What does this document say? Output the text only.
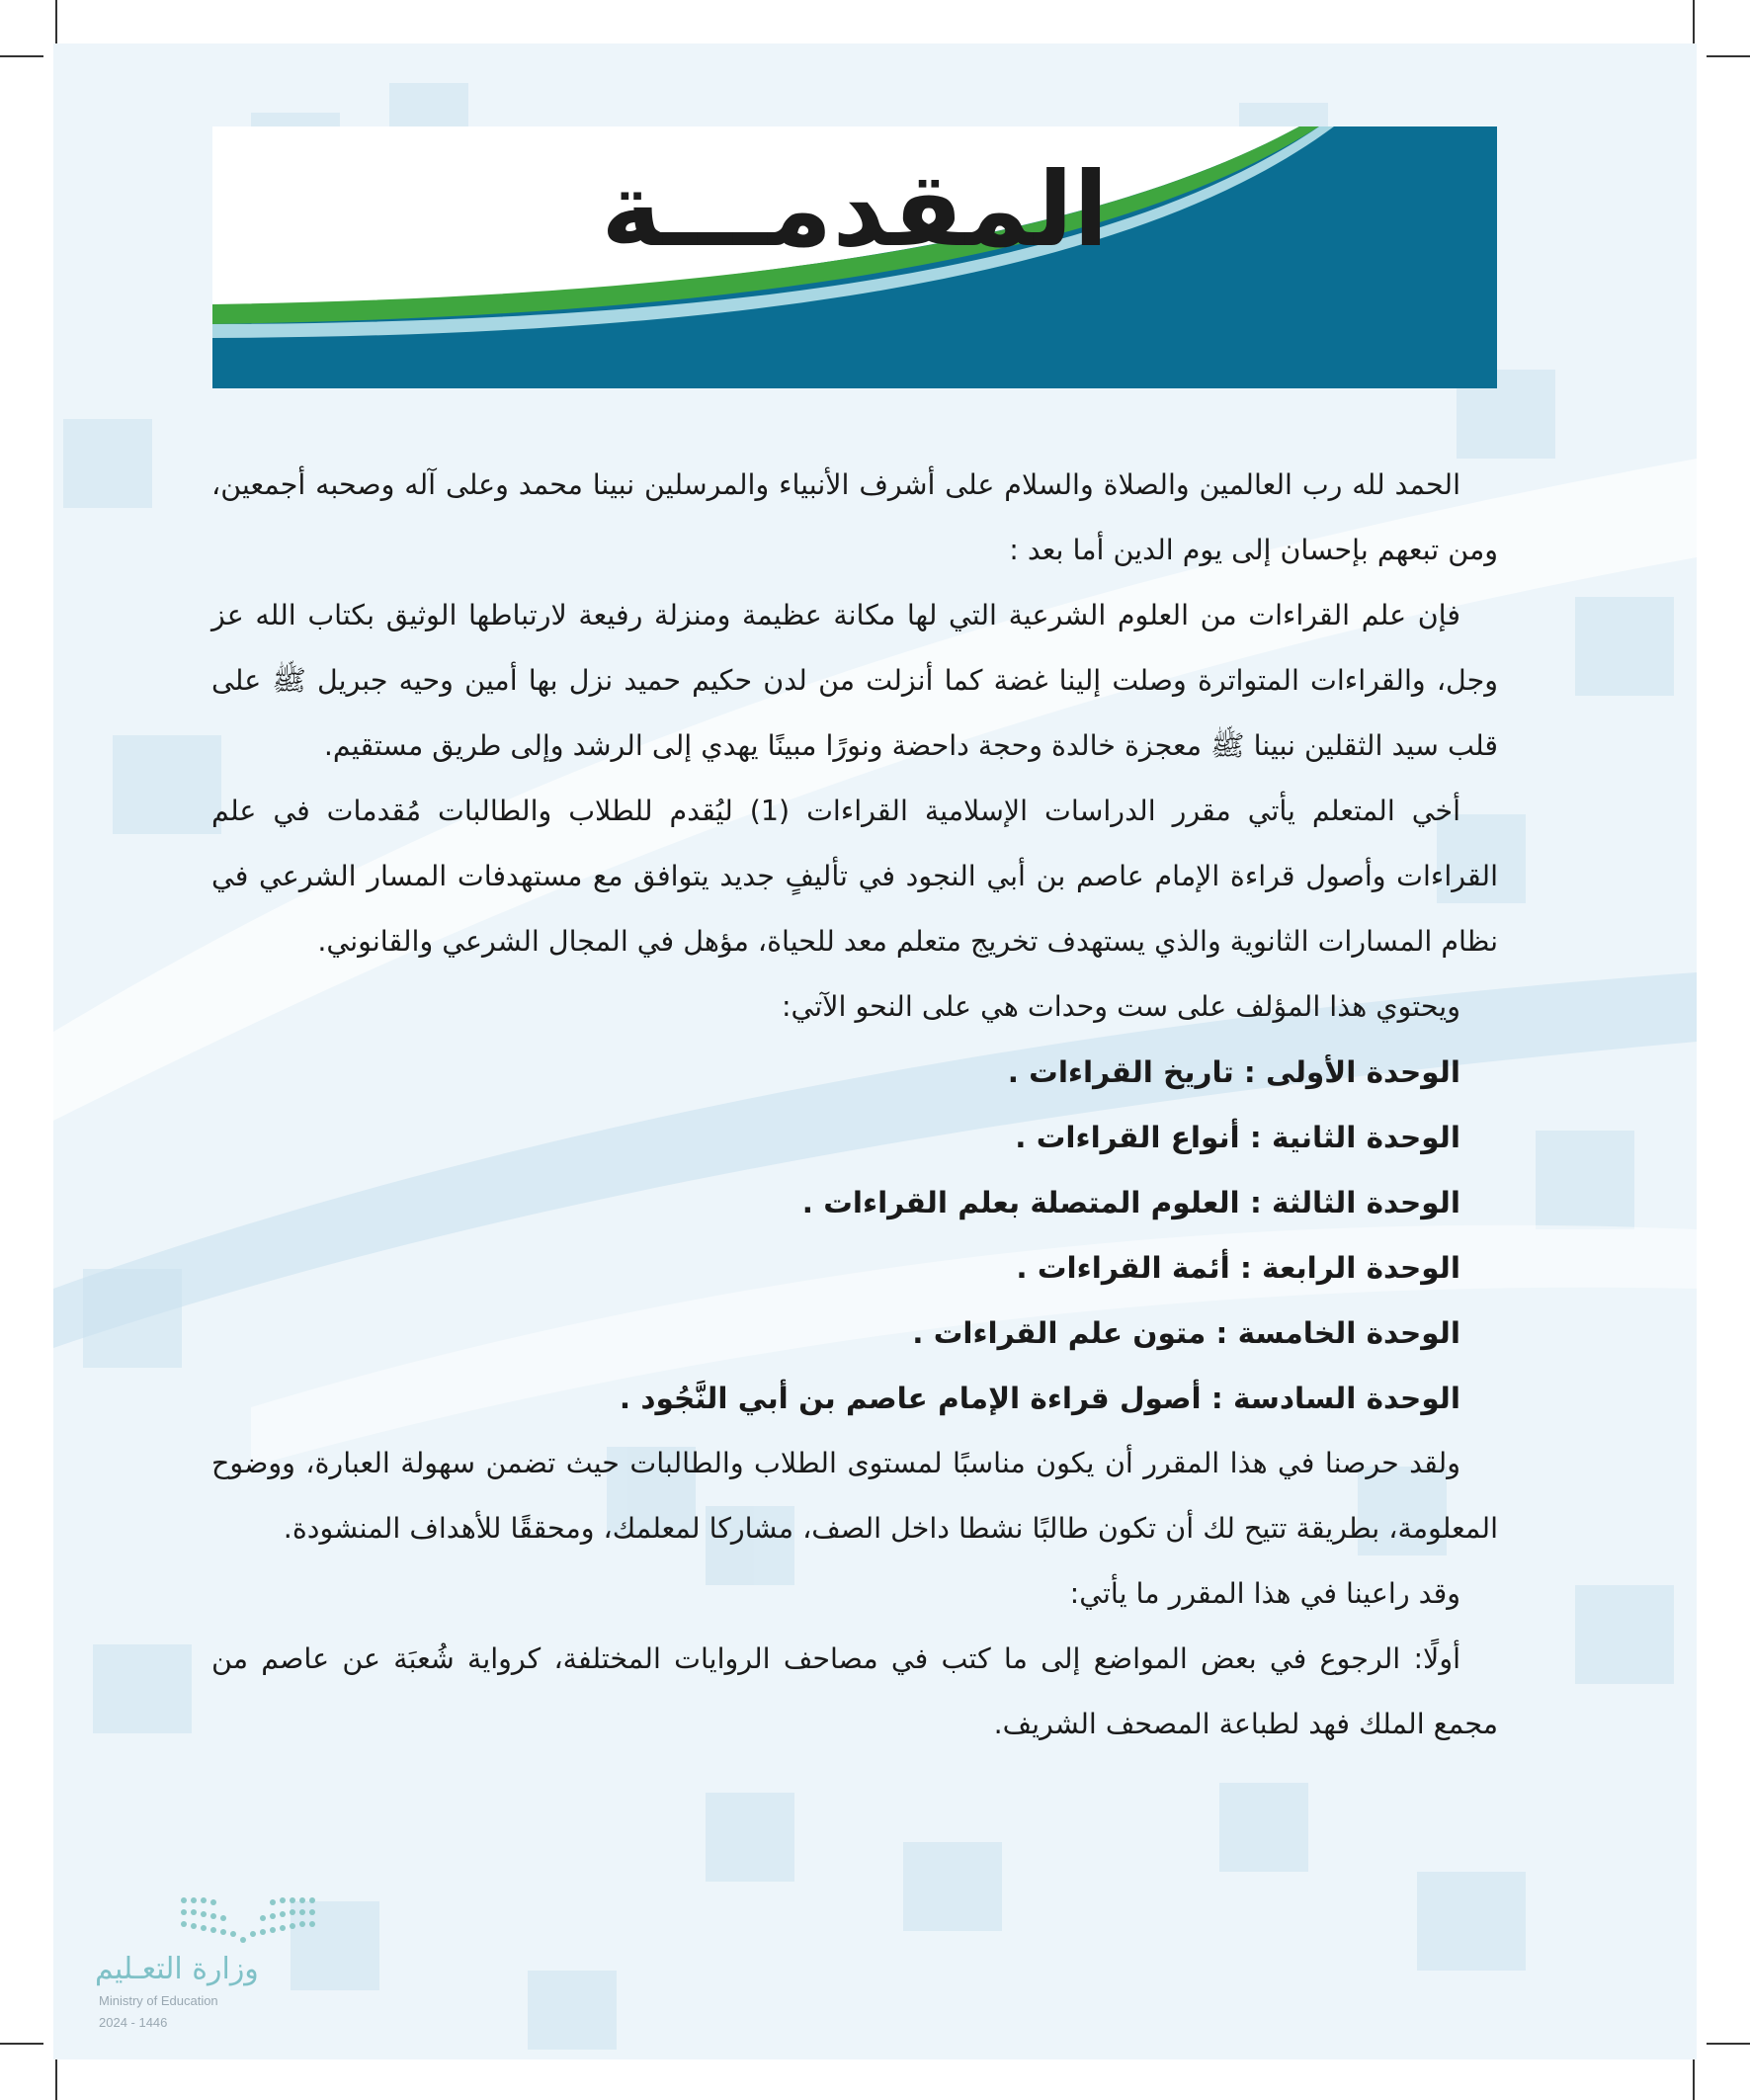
المقدمـــة

الحمد لله رب العالمين والصلاة والسلام على أشرف الأنبياء والمرسلين نبينا محمد وعلى آله وصحبه أجمعين، ومن تبعهم بإحسان إلى يوم الدين أما بعد :

فإن علم القراءات من العلوم الشرعية التي لها مكانة عظيمة ومنزلة رفيعة لارتباطها الوثيق بكتاب الله عز وجل، والقراءات المتواترة وصلت إلينا غضة كما أنزلت من لدن حكيم حميد نزل بها أمين وحيه جبريل ﷺ على قلب سيد الثقلين نبينا ﷺ معجزة خالدة وحجة داحضة ونورًا مبينًا يهدي إلى الرشد وإلى طريق مستقيم.

أخي المتعلم يأتي مقرر الدراسات الإسلامية القراءات (1) ليُقدم للطلاب والطالبات مُقدمات في علم القراءات وأصول قراءة الإمام عاصم بن أبي النجود في تأليفٍ جديد يتوافق مع مستهدفات المسار الشرعي في نظام المسارات الثانوية والذي يستهدف تخريج متعلم معد للحياة، مؤهل في المجال الشرعي والقانوني.

ويحتوي هذا المؤلف على ست وحدات هي على النحو الآتي:

الوحدة الأولى : تاريخ القراءات .

الوحدة الثانية : أنواع القراءات .

الوحدة الثالثة : العلوم المتصلة بعلم القراءات .

الوحدة الرابعة : أئمة القراءات .

الوحدة الخامسة : متون علم القراءات .

الوحدة السادسة : أصول قراءة الإمام عاصم بن أبي النَّجُود .

ولقد حرصنا في هذا المقرر أن يكون مناسبًا لمستوى الطلاب والطالبات حيث تضمن سهولة العبارة، ووضوح المعلومة، بطريقة تتيح لك أن تكون طالبًا نشطا داخل الصف، مشاركا لمعلمك، ومحققًا للأهداف المنشودة.

وقد راعينا في هذا المقرر ما يأتي:

أولًا: الرجوع في بعض المواضع إلى ما كتب في مصاحف الروايات المختلفة، كرواية شُعبَة عن عاصم من مجمع الملك فهد لطباعة المصحف الشريف.

وزارة التعـليم
Ministry of Education
2024 - 1446
